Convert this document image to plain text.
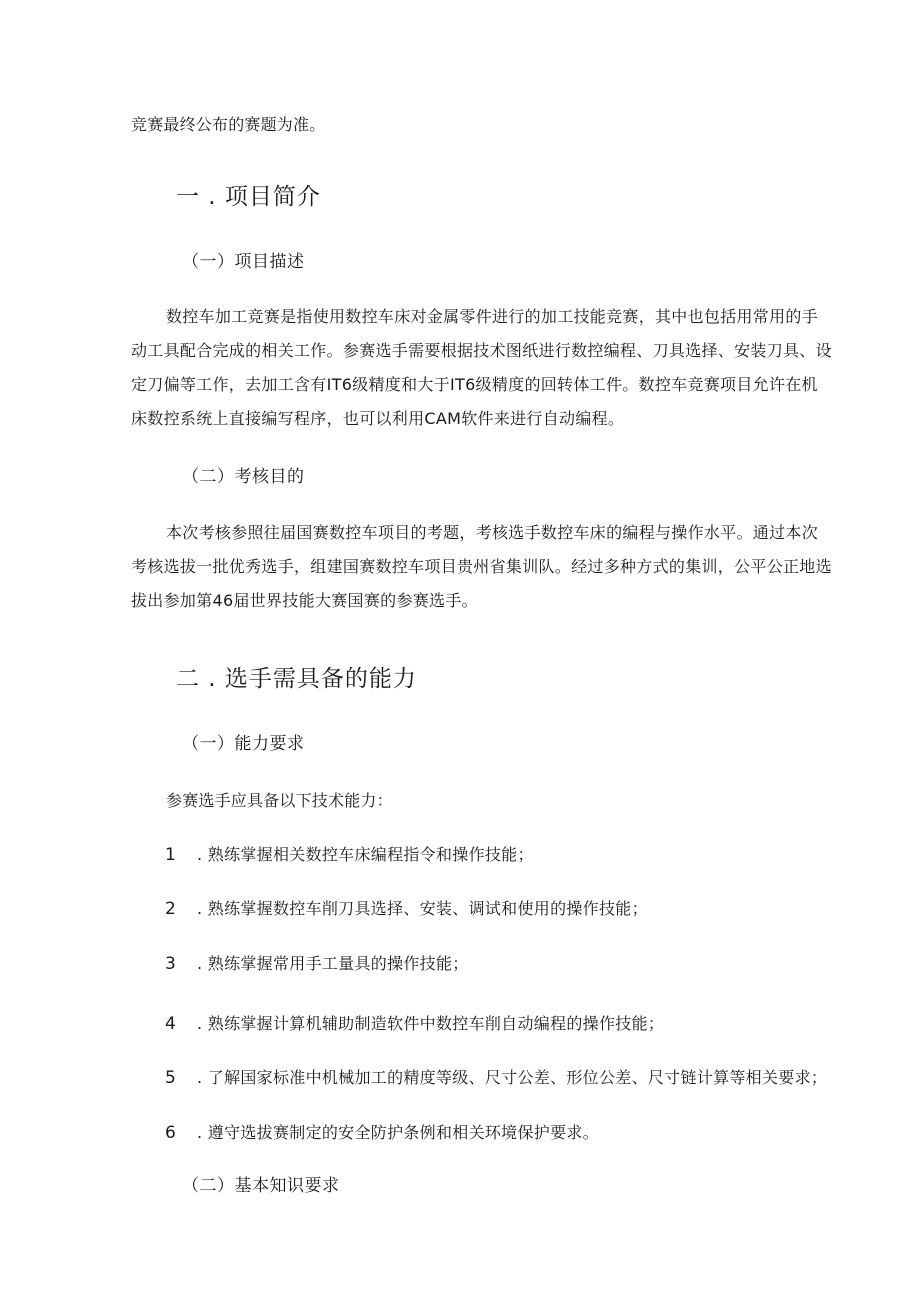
竞赛最终公布的赛题为准。
一 . 项目简介
（一）项目描述
数控车加工竞赛是指使用数控车床对金属零件进行的加工技能竞赛，其中也包括用常用的手
动工具配合完成的相关工作。参赛选手需要根据技术图纸进行数控编程、刀具选择、安装刀具、设
定刀偏等工作，去加工含有IT6级精度和大于IT6级精度的回转体工件。数控车竞赛项目允许在机
床数控系统上直接编写程序，也可以利用CAM软件来进行自动编程。
（二）考核目的
本次考核参照往届国赛数控车项目的考题，考核选手数控车床的编程与操作水平。通过本次
考核选拔一批优秀选手，组建国赛数控车项目贵州省集训队。经过多种方式的集训，公平公正地选
拔出参加第46届世界技能大赛国赛的参赛选手。
二 . 选手需具备的能力
（一）能力要求
参赛选手应具备以下技术能力：
1 . 熟练掌握相关数控车床编程指令和操作技能；
2 . 熟练掌握数控车削刀具选择、安装、调试和使用的操作技能；
3 . 熟练掌握常用手工量具的操作技能；
4 . 熟练掌握计算机辅助制造软件中数控车削自动编程的操作技能；
5 . 了解国家标准中机械加工的精度等级、尺寸公差、形位公差、尺寸链计算等相关要求；
6 . 遵守选拔赛制定的安全防护条例和相关环境保护要求。
（二）基本知识要求
